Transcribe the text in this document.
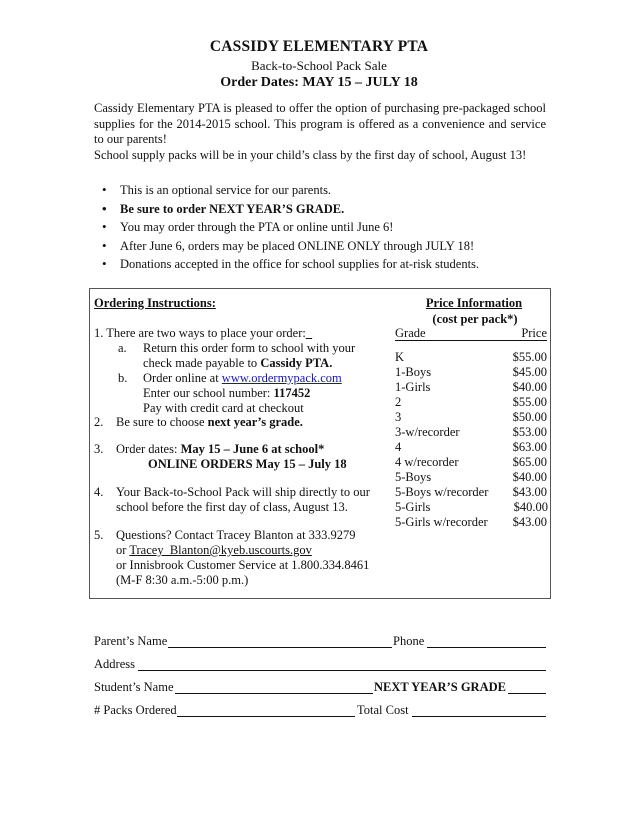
CASSIDY ELEMENTARY PTA
Back-to-School Pack Sale
Order Dates: MAY 15 – JULY 18

Cassidy Elementary PTA is pleased to offer the option of purchasing pre-packaged school supplies for the 2014-2015 school. This program is offered as a convenience and service to our parents!

School supply packs will be in your child’s class by the first day of school, August 13!

• This is an optional service for our parents.
• Be sure to order NEXT YEAR’S GRADE.
• You may order through the PTA or online until June 6!
• After June 6, orders may be placed ONLINE ONLY through JULY 18!
• Donations accepted in the office for school supplies for at-risk students.
Ordering Instructions:
1. There are two ways to place your order:
a. Return this order form to school with your
check made payable to Cassidy PTA.
b. Order online at www.ordermypack.com
Enter our school number: 117452
Pay with credit card at checkout
2. Be sure to choose next year’s grade.
3. Order dates: May 15 – June 6 at school*
ONLINE ORDERS May 15 – July 18
4. Your Back-to-School Pack will ship directly to our
school before the first day of class, August 13.
5. Questions? Contact Tracey Blanton at 333.9279
or Tracey_Blanton@kyeb.uscourts.gov
or Innisbrook Customer Service at 1.800.334.8461
(M-F 8:30 a.m.-5:00 p.m.)
Price Information
(cost per pack*)
Grade	Price
K	$55.00
1-Boys	$45.00
1-Girls	$40.00
2	$55.00
3	$50.00
3-w/recorder	$53.00
4	$63.00
4 w/recorder	$65.00
5-Boys	$40.00
5-Boys w/recorder $43.00
5-Girls	$40.00
5-Girls w/recorder $43.00
Parent’s Name	Phone
Address
Student’s Name	NEXT YEAR’S GRADE
# Packs Ordered	Total Cost
